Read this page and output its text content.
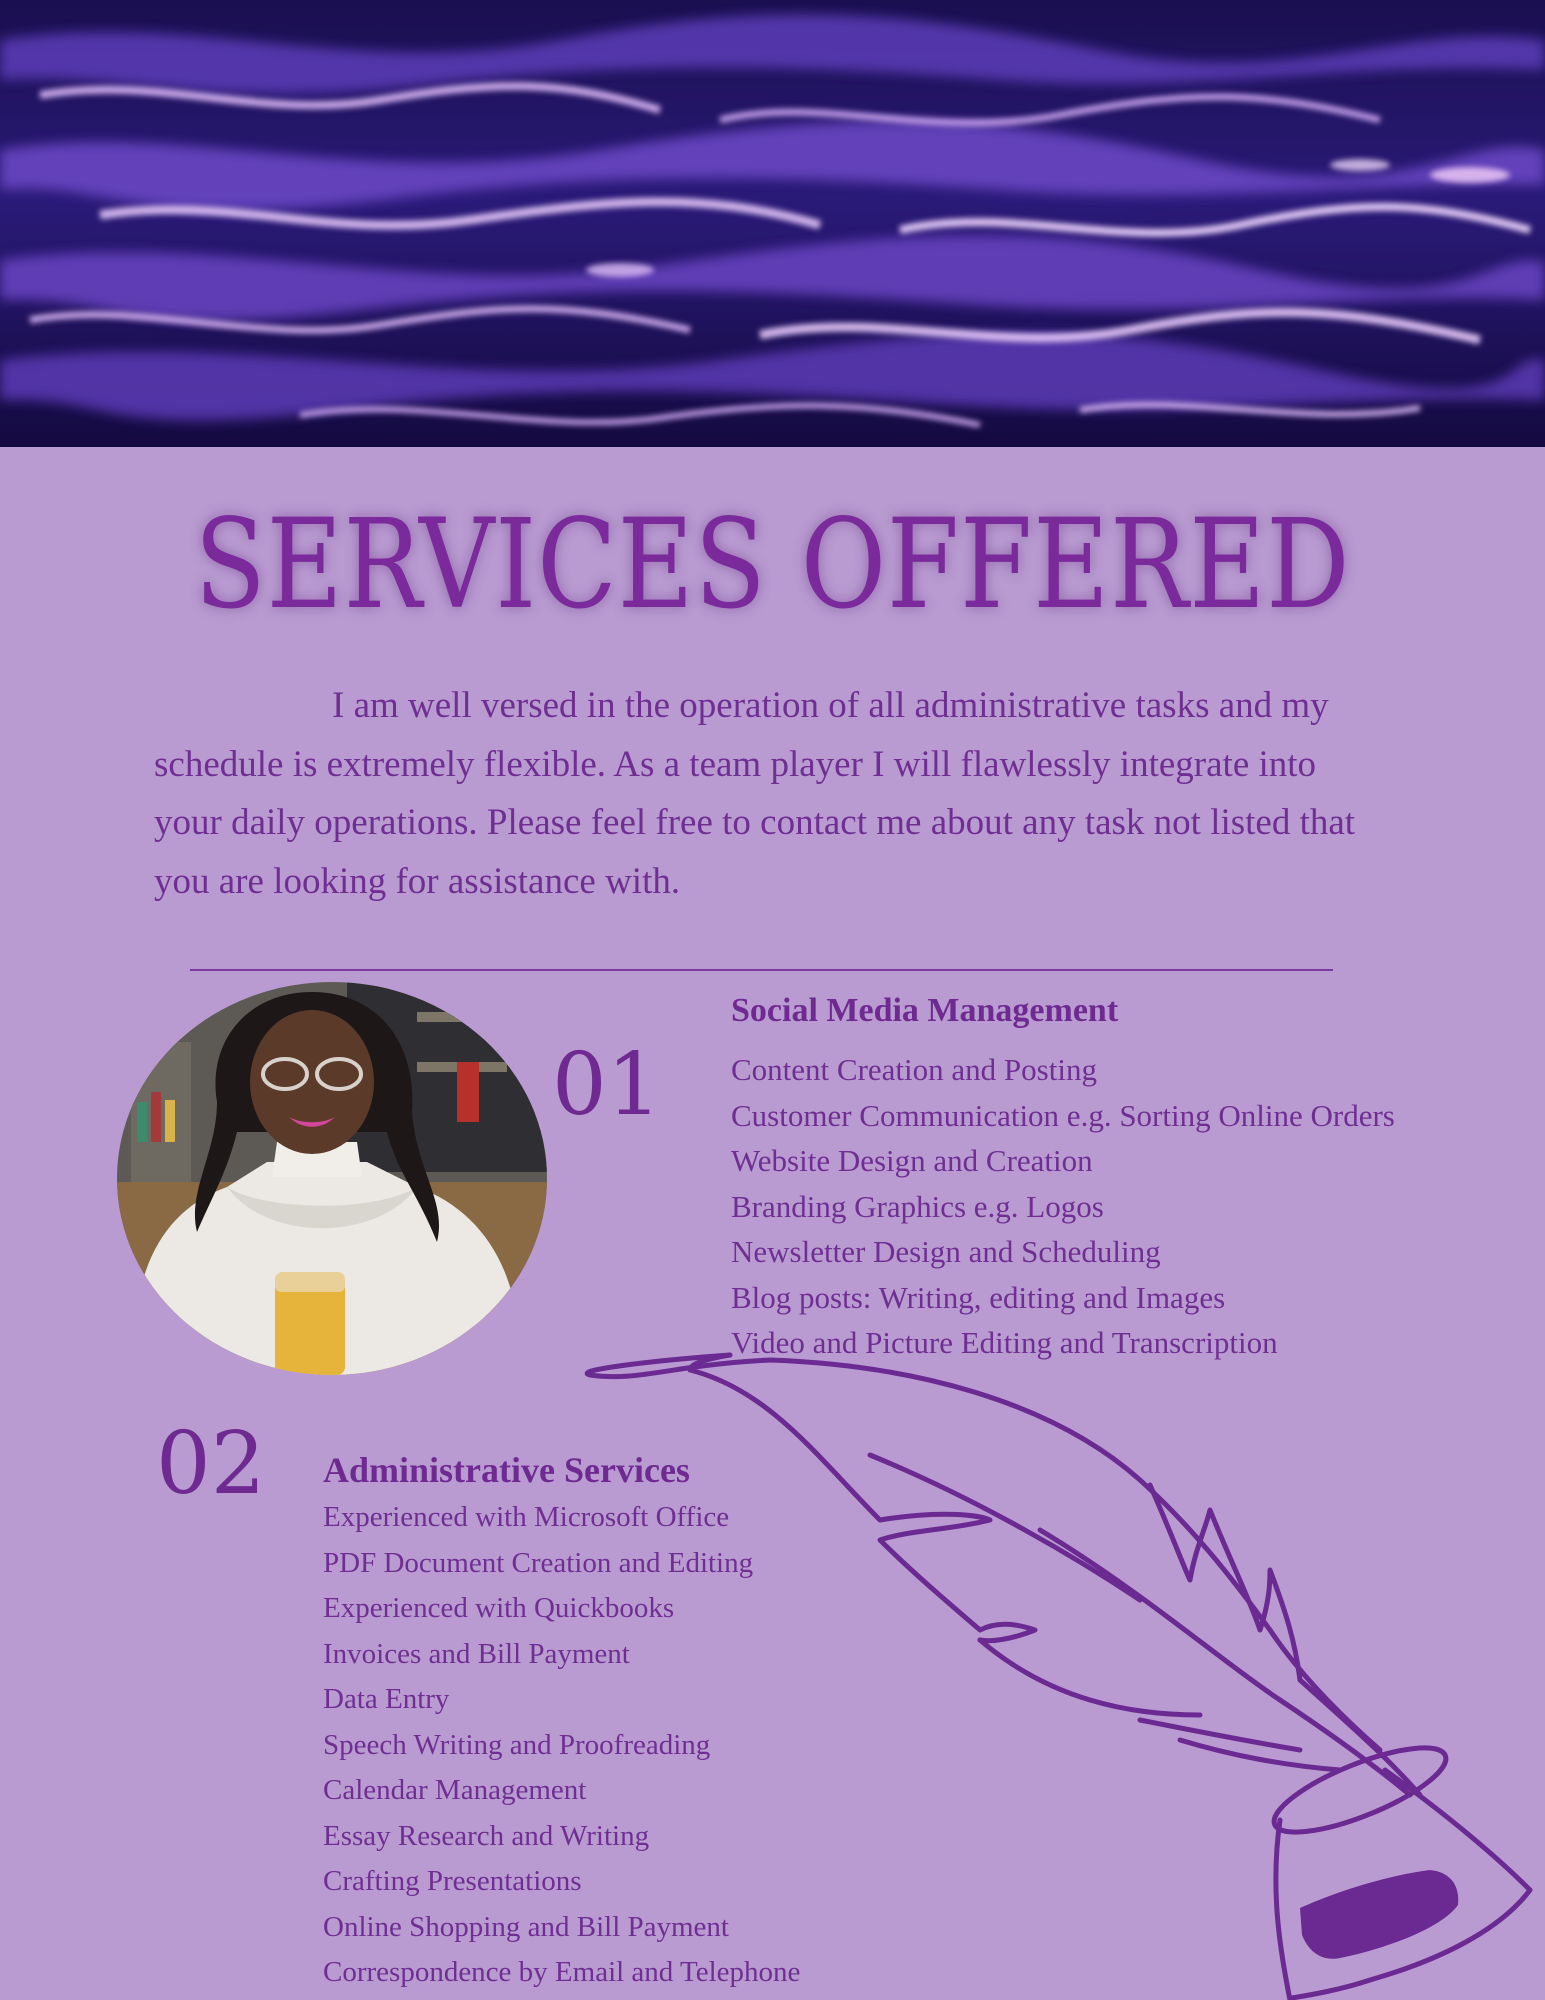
SERVICES OFFERED

I am well versed in the operation of all administrative tasks and my schedule is extremely flexible. As a team player I will flawlessly integrate into your daily operations. Please feel free to contact me about any task not listed that you are looking for assistance with.

01
Social Media Management
Content Creation and Posting
Customer Communication e.g. Sorting Online Orders
Website Design and Creation
Branding Graphics e.g. Logos
Newsletter Design and Scheduling
Blog posts: Writing, editing and Images
Video and Picture Editing and Transcription
02 Administrative Services
Experienced with Microsoft Office
PDF Document Creation and Editing
Experienced with Quickbooks
Invoices and Bill Payment
Data Entry
Speech Writing and Proofreading
Calendar Management
Essay Research and Writing
Crafting Presentations
Online Shopping and Bill Payment
Correspondence by Email and Telephone
